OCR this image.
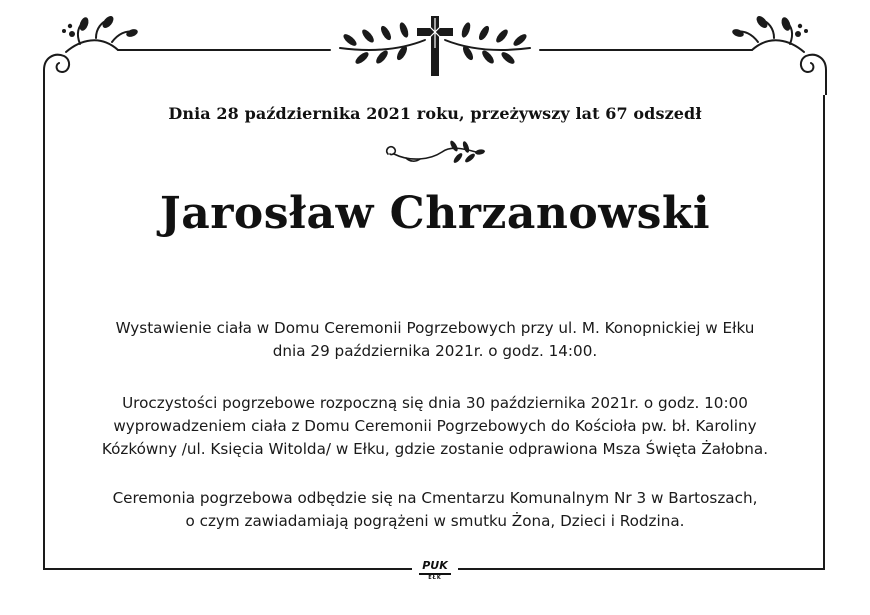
Dnia 28 października 2021 roku, przeżywszy lat 67 odszedł
Jarosław Chrzanowski
Wystawienie ciała w Domu Ceremonii Pogrzebowych przy ul. M. Konopnickiej w Ełku
dnia 29 października 2021r. o godz. 14:00.
Uroczystości pogrzebowe rozpoczną się dnia 30 października 2021r. o godz. 10:00
wyprowadzeniem ciała z Domu Ceremonii Pogrzebowych do Kościoła pw. bł. Karoliny
Kózkówny /ul. Księcia Witolda/ w Ełku, gdzie zostanie odprawiona Msza Święta Żałobna.
Ceremonia pogrzebowa odbędzie się na Cmentarzu Komunalnym Nr 3 w Bartoszach,
o czym zawiadamiają pogrążeni w smutku Żona, Dzieci i Rodzina.
PUK
EŁK
